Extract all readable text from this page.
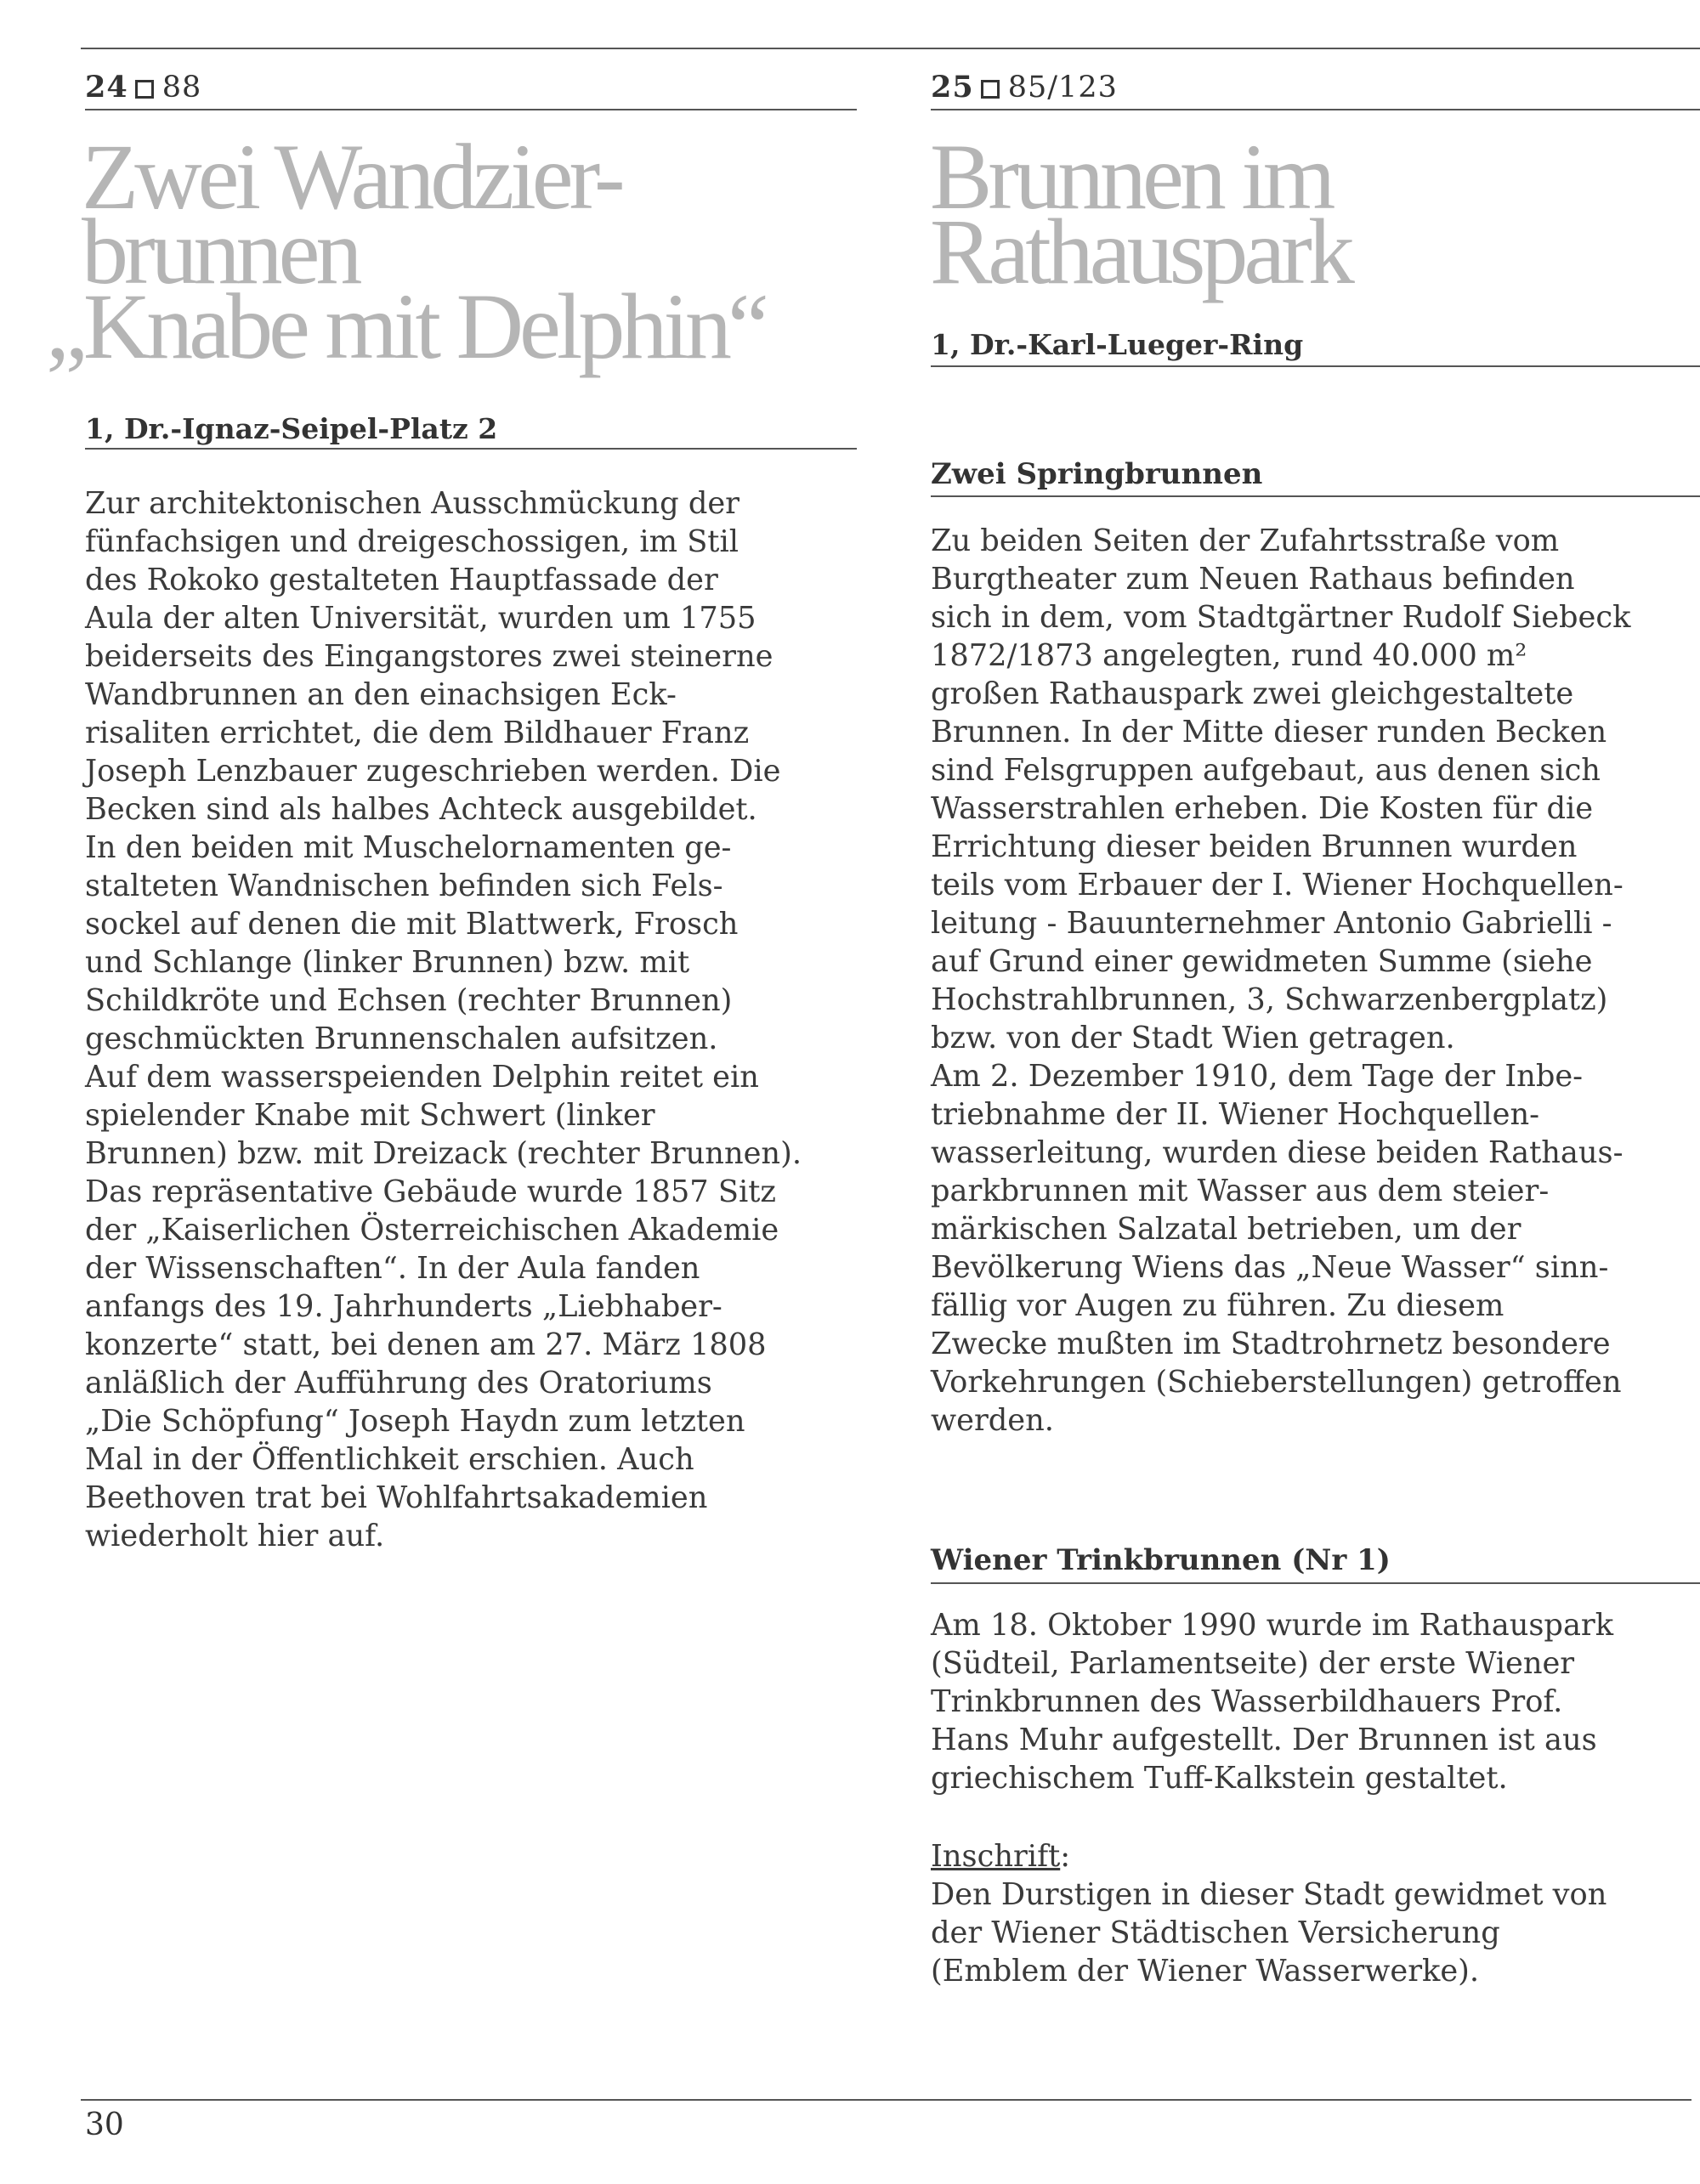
24 88
Zwei Wandzier-
brunnen
„Knabe mit Delphin“
1, Dr.-Ignaz-Seipel-Platz 2
Zur architektonischen Ausschmückung der
fünfachsigen und dreigeschossigen, im Stil
des Rokoko gestalteten Hauptfassade der
Aula der alten Universität, wurden um 1755
beiderseits des Eingangstores zwei steinerne
Wandbrunnen an den einachsigen Eck-
risaliten errichtet, die dem Bildhauer Franz
Joseph Lenzbauer zugeschrieben werden. Die
Becken sind als halbes Achteck ausgebildet.
In den beiden mit Muschelornamenten ge-
stalteten Wandnischen befinden sich Fels-
sockel auf denen die mit Blattwerk, Frosch
und Schlange (linker Brunnen) bzw. mit
Schildkröte und Echsen (rechter Brunnen)
geschmückten Brunnenschalen aufsitzen.
Auf dem wasserspeienden Delphin reitet ein
spielender Knabe mit Schwert (linker
Brunnen) bzw. mit Dreizack (rechter Brunnen).
Das repräsentative Gebäude wurde 1857 Sitz
der „Kaiserlichen Österreichischen Akademie
der Wissenschaften“. In der Aula fanden
anfangs des 19. Jahrhunderts „Liebhaber-
konzerte“ statt, bei denen am 27. März 1808
anläßlich der Aufführung des Oratoriums
„Die Schöpfung“ Joseph Haydn zum letzten
Mal in der Öffentlichkeit erschien. Auch
Beethoven trat bei Wohlfahrtsakademien
wiederholt hier auf.
25 85/123
Brunnen im
Rathauspark
1, Dr.-Karl-Lueger-Ring
Zwei Springbrunnen
Zu beiden Seiten der Zufahrtsstraße vom
Burgtheater zum Neuen Rathaus befinden
sich in dem, vom Stadtgärtner Rudolf Siebeck
1872/1873 angelegten, rund 40.000 m²
großen Rathauspark zwei gleichgestaltete
Brunnen. In der Mitte dieser runden Becken
sind Felsgruppen aufgebaut, aus denen sich
Wasserstrahlen erheben. Die Kosten für die
Errichtung dieser beiden Brunnen wurden
teils vom Erbauer der I. Wiener Hochquellen-
leitung - Bauunternehmer Antonio Gabrielli -
auf Grund einer gewidmeten Summe (siehe
Hochstrahlbrunnen, 3, Schwarzenbergplatz)
bzw. von der Stadt Wien getragen.
Am 2. Dezember 1910, dem Tage der Inbe-
triebnahme der II. Wiener Hochquellen-
wasserleitung, wurden diese beiden Rathaus-
parkbrunnen mit Wasser aus dem steier-
märkischen Salzatal betrieben, um der
Bevölkerung Wiens das „Neue Wasser“ sinn-
fällig vor Augen zu führen. Zu diesem
Zwecke mußten im Stadtrohrnetz besondere
Vorkehrungen (Schieberstellungen) getroffen
werden.
Wiener Trinkbrunnen (Nr 1)
Am 18. Oktober 1990 wurde im Rathauspark
(Südteil, Parlamentseite) der erste Wiener
Trinkbrunnen des Wasserbildhauers Prof.
Hans Muhr aufgestellt. Der Brunnen ist aus
griechischem Tuff-Kalkstein gestaltet.
Inschrift:
Den Durstigen in dieser Stadt gewidmet von
der Wiener Städtischen Versicherung
(Emblem der Wiener Wasserwerke).
30
